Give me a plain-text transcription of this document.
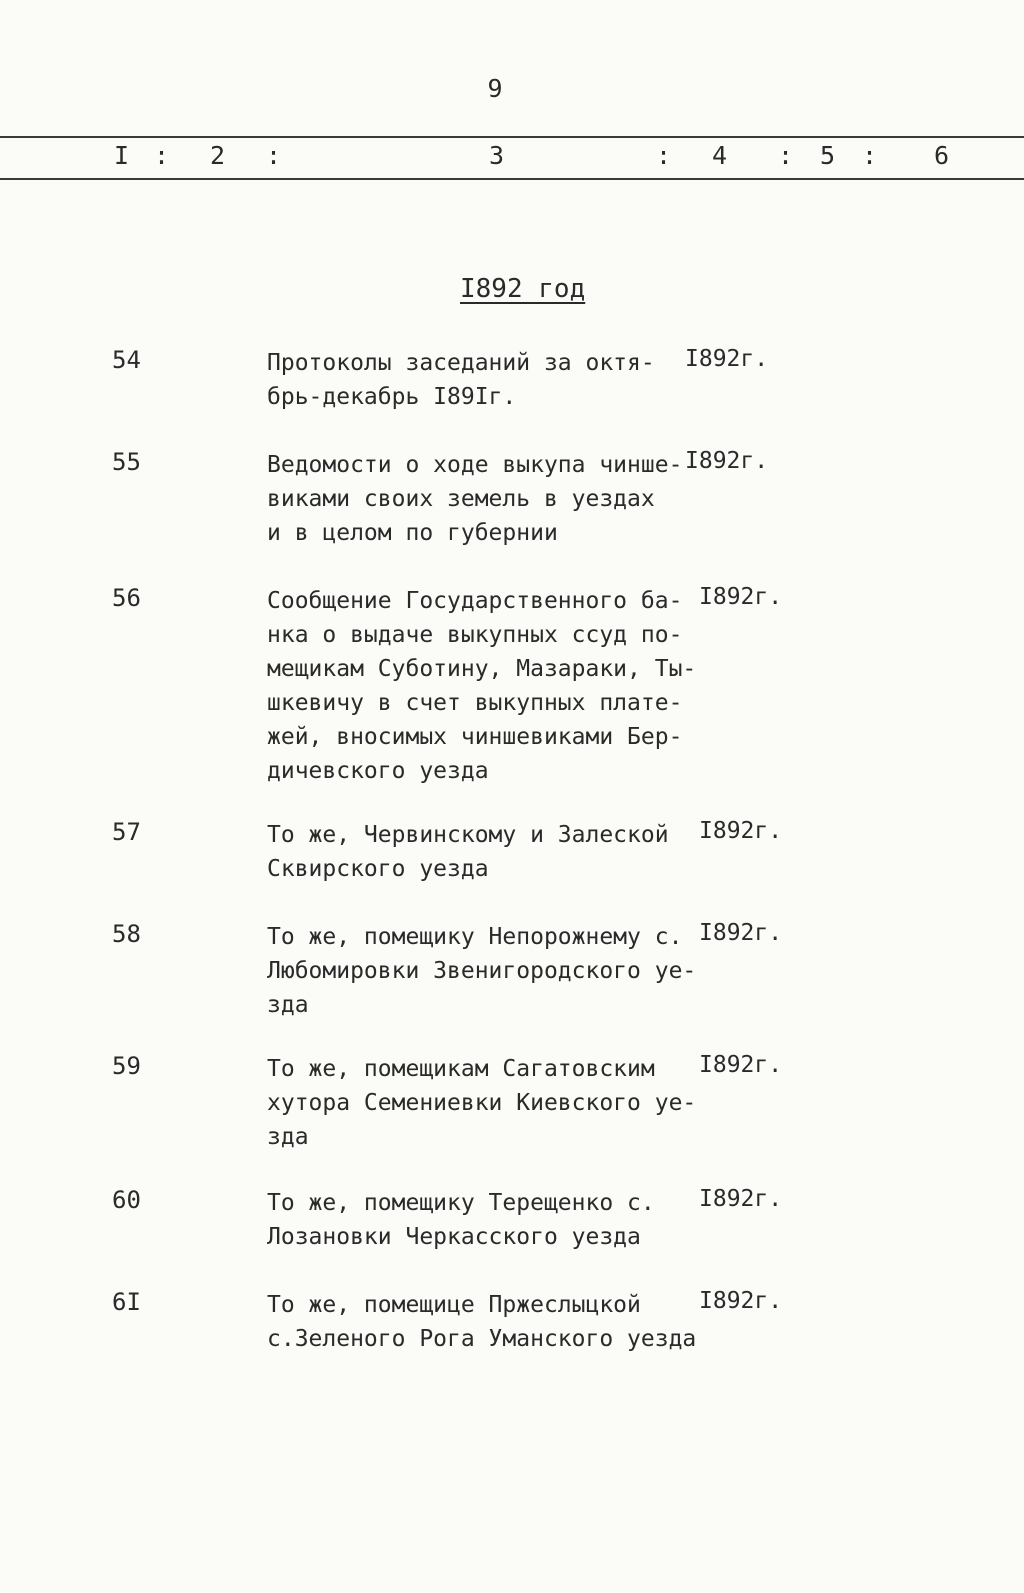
9
I : 2 :	3	: 4 : 5 : 6
I892 год
54	Протоколы заседаний за октя-
брь-декабрь I89Iг.
I892г.
55	Ведомости о ходе выкупа чинше-
виками своих земель в уездах
и в целом по губернии
I892г.
56	Сообщение Государственного ба-
нка о выдаче выкупных ссуд по-
мещикам Суботину, Мазараки, Ты-
шкевичу в счет выкупных плате-
жей, вносимых чиншевиками Бер-
дичевского уезда
I892г.
57	То же, Червинскому и Залеской
Сквирского уезда
I892г.
58	То же, помещику Непорожнему с.
Любомировки Звенигородского уе-
зда
I892г.
59	То же, помещикам Сагатовским
хутора Семениевки Киевского уе-
зда
I892г.
60	То же, помещику Терещенко с.
Лозановки Черкасского уезда
I892г.
6I	То же, помещице Пржеслыцкой
с.Зеленого Рога Уманского уезда
I892г.
